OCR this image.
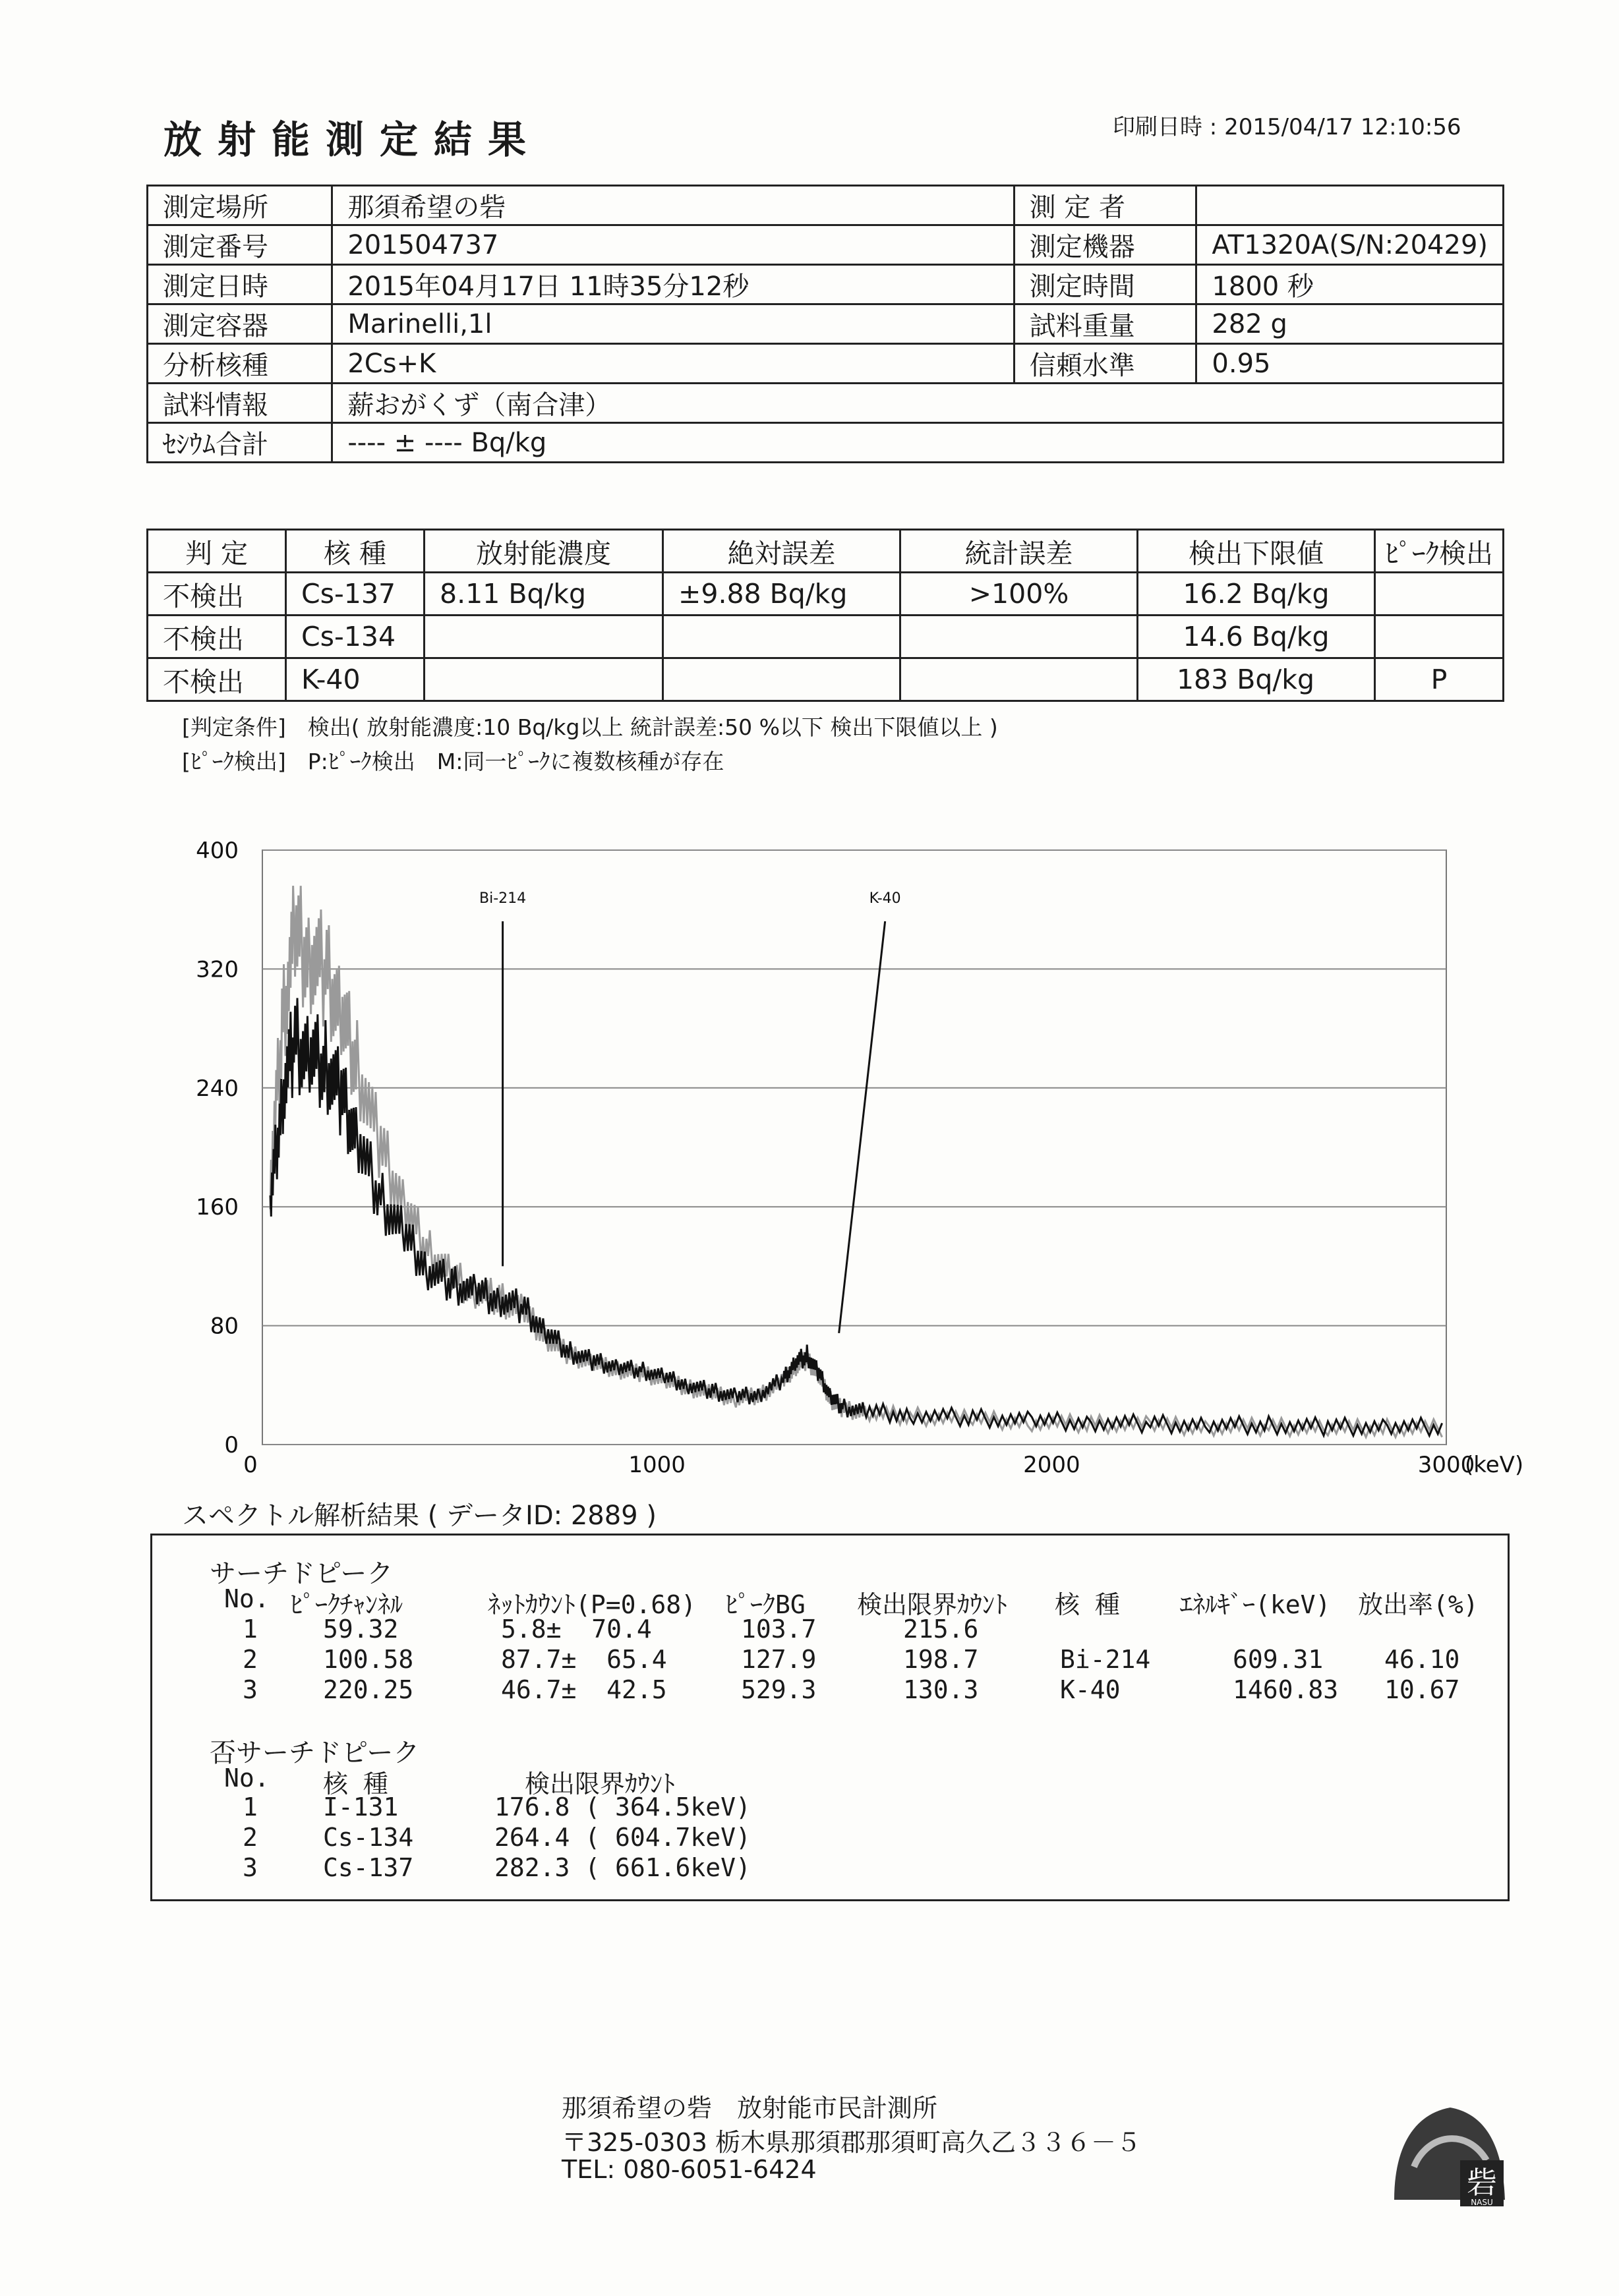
放射能測定結果	印刷日時 : 2015/04/17 12:10:56
測定場所	那須希望の砦	測 定 者	
測定番号	201504737	測定機器	AT1320A(S/N:20429)
測定日時	2015年04月17日 11時35分12秒	測定時間	1800 秒
測定容器	Marinelli,1l	試料重量	282 g
分析核種	2Cs+K	信頼水準	0.95
試料情報	薪おがくず（南合津）		
ｾｼｳﾑ合計	---- ± ---- Bq/kg		
判 定	核 種	放射能濃度	絶対誤差	統計誤差	検出下限値	ﾋﾟｰｸ検出
不検出	Cs-137	8.11 Bq/kg	±9.88 Bq/kg	>100%	16.2 Bq/kg	
不検出	Cs-134				14.6 Bq/kg	
不検出	K-40				183 Bq/kg	P
[判定条件]　検出( 放射能濃度:10 Bq/kg以上 統計誤差:50 %以下 検出下限値以上 )
[ﾋﾟｰｸ検出]　P:ﾋﾟｰｸ検出　M:同一ﾋﾟｰｸに複数核種が存在
0
80
160
240
320
400
0	1000	2000	3000
(keV)
Bi-214	K-40
スペクトル解析結果 ( データID: 2889 )
サーチドピーク
No. ﾋﾟｰｸﾁｬﾝﾈﾙ	ﾈｯﾄｶｳﾝﾄ(P=0.68) ﾋﾟｰｸBG 検出限界ｶｳﾝﾄ 核 種 ｴﾈﾙｷﾞｰ(keV) 放出率(%)
1	59.32	5.8±  70.4	103.7	215.6
2	100.58	87.7±  65.4	127.9	198.7	Bi-214	609.31 46.10
3	220.25	46.7±  42.5	529.3	130.3	K-40	1460.83 10.67
否サーチドピーク
No. 核 種	検出限界ｶｳﾝﾄ
1	I-131	176.8 ( 364.5keV)
2	Cs-134	264.4 ( 604.7keV)
3	Cs-137	282.3 ( 661.6keV)
那須希望の砦　放射能市民計測所
〒325-0303 栃木県那須郡那須町高久乙３３６－５
TEL: 080-6051-6424	砦
NASU
